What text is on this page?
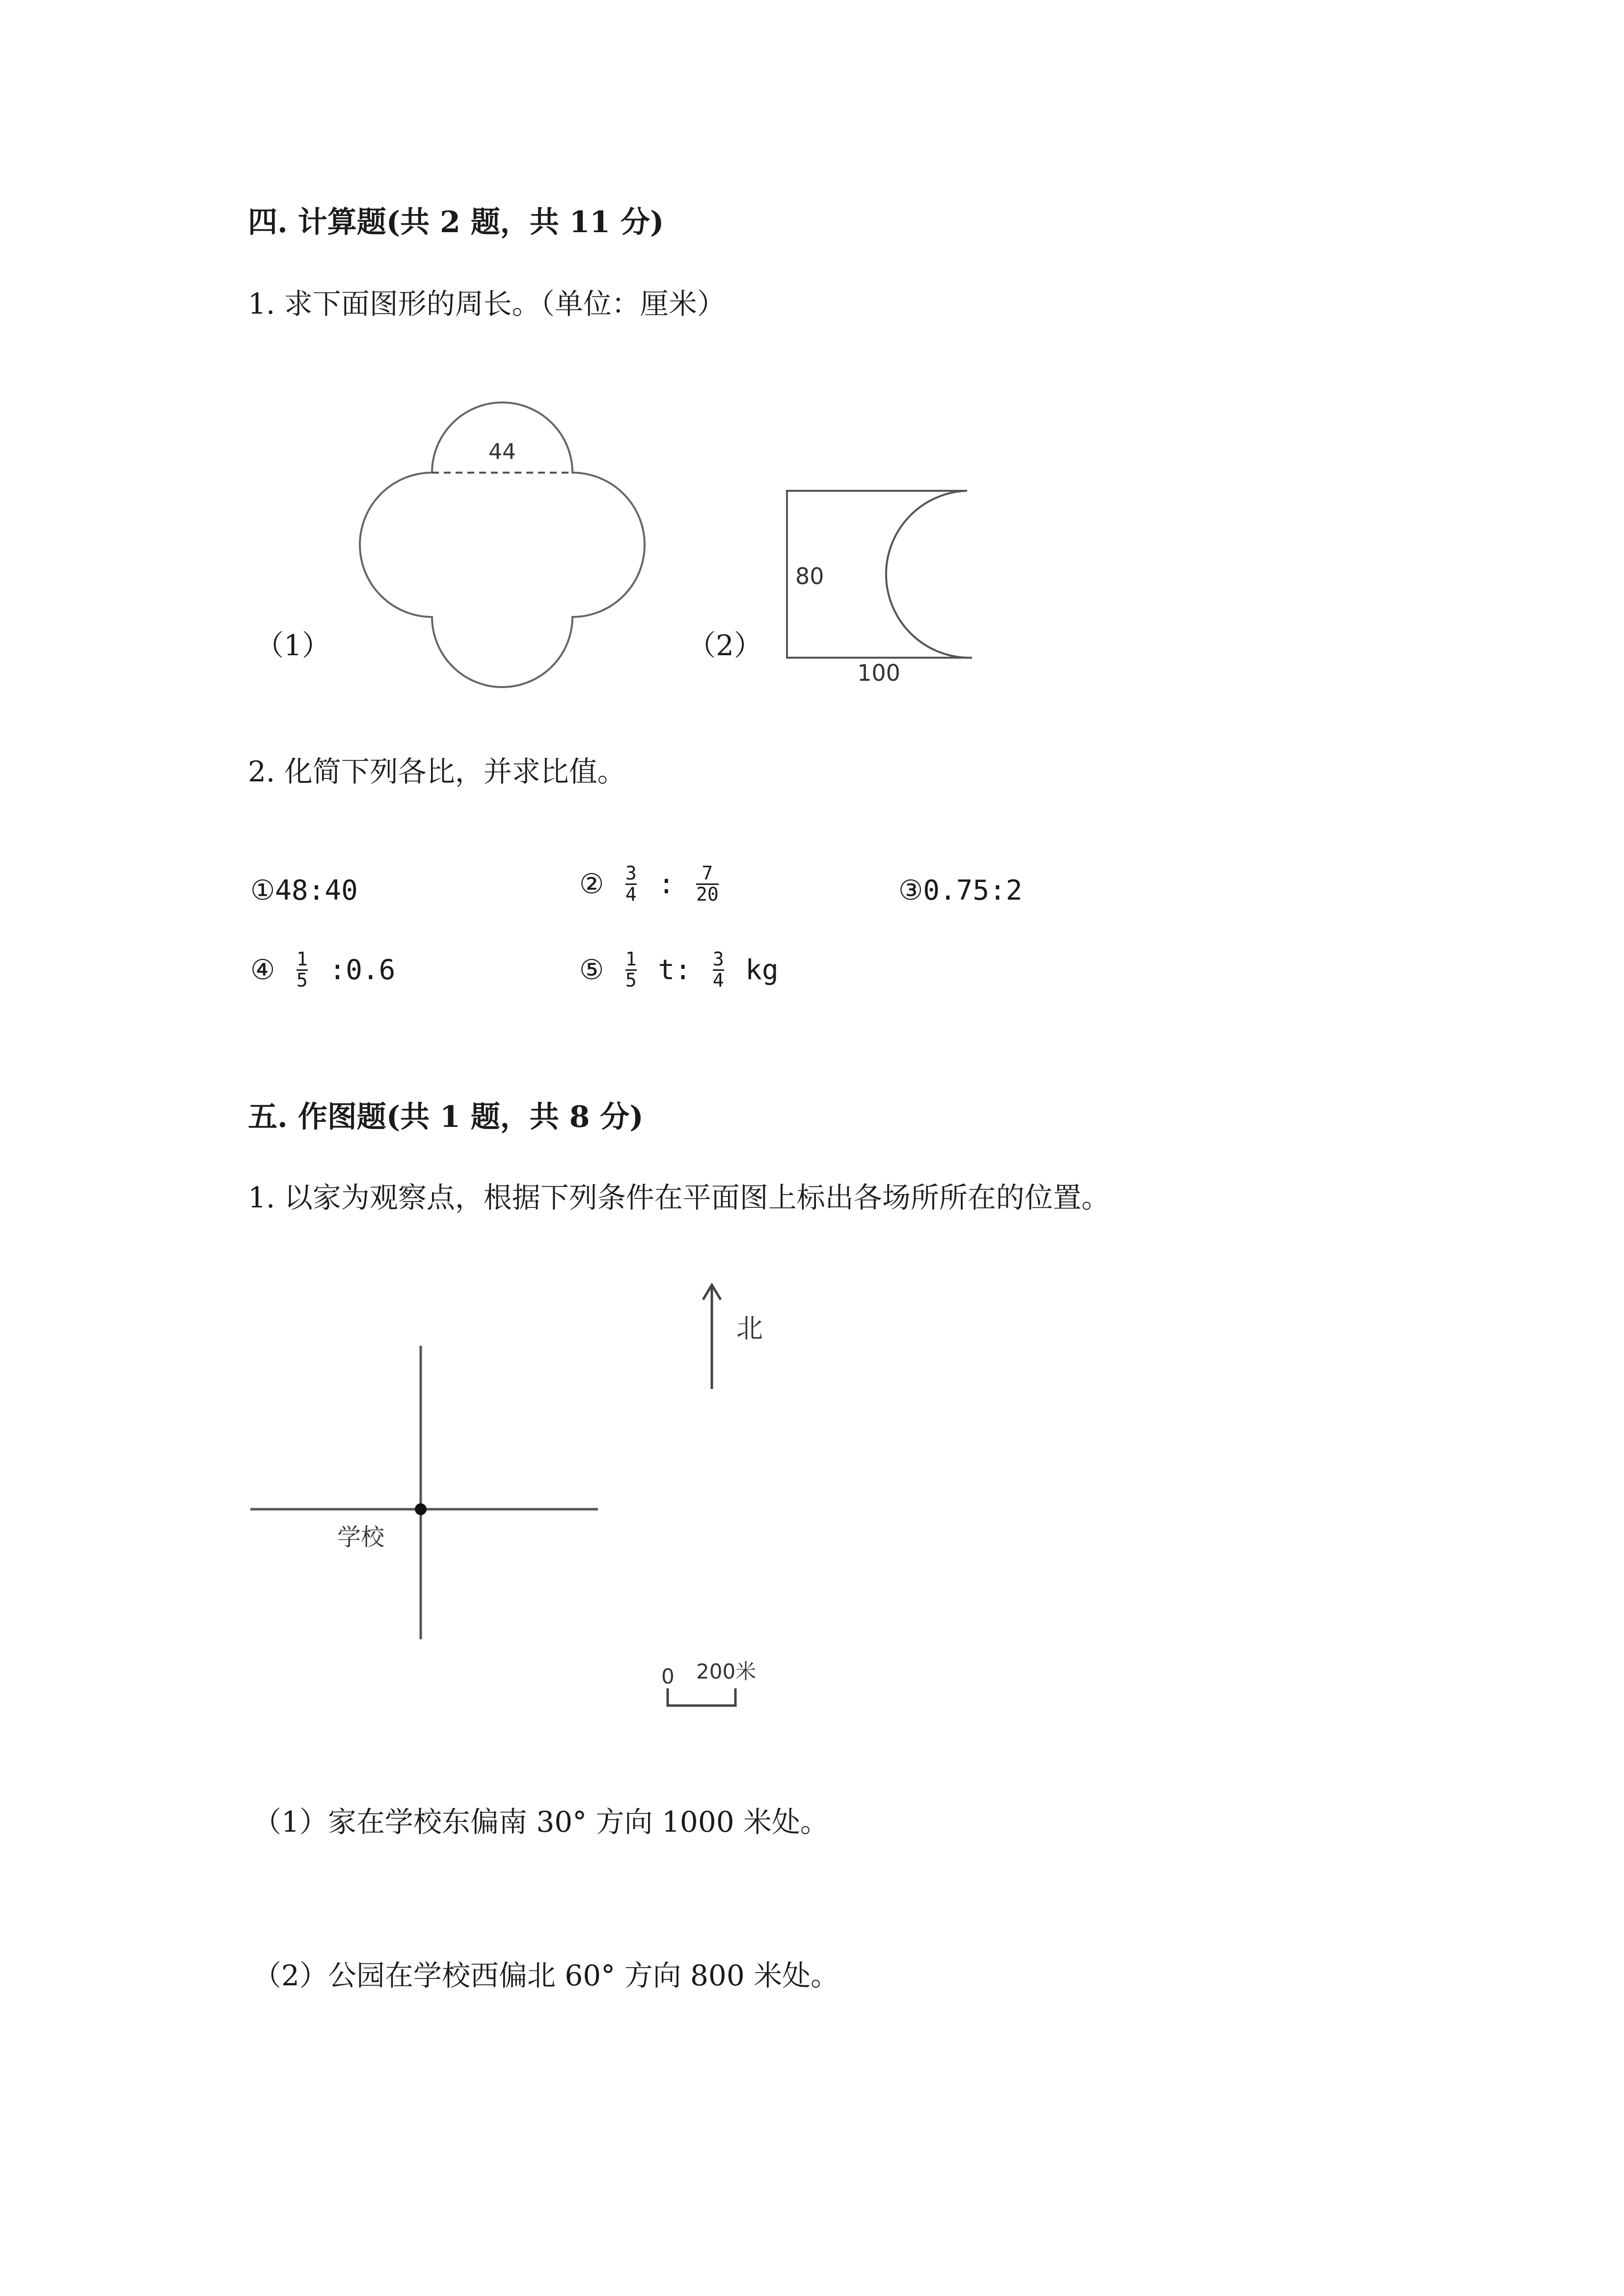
四. 计算题(共 2 题，共 11 分)
1. 求下面图形的周长。（单位：厘米）
（1）
44
（2）
80
100
2. 化简下列各比，并求比值。
①48:40	② $\frac{3}{4}$ : $\frac{7}{20}$	③0.75:2
④ $\frac{1}{5}$ :0.6	⑤ $\frac{1}{5} t$: $\frac{3}{4}$ kg
五. 作图题(共 1 题，共 8 分)
1. 以家为观察点，根据下列条件在平面图上标出各场所所在的位置。
北
学校
0 200米
（1）家在学校东偏南 30° 方向 1000 米处。
（2）公园在学校西偏北 60° 方向 800 米处。
